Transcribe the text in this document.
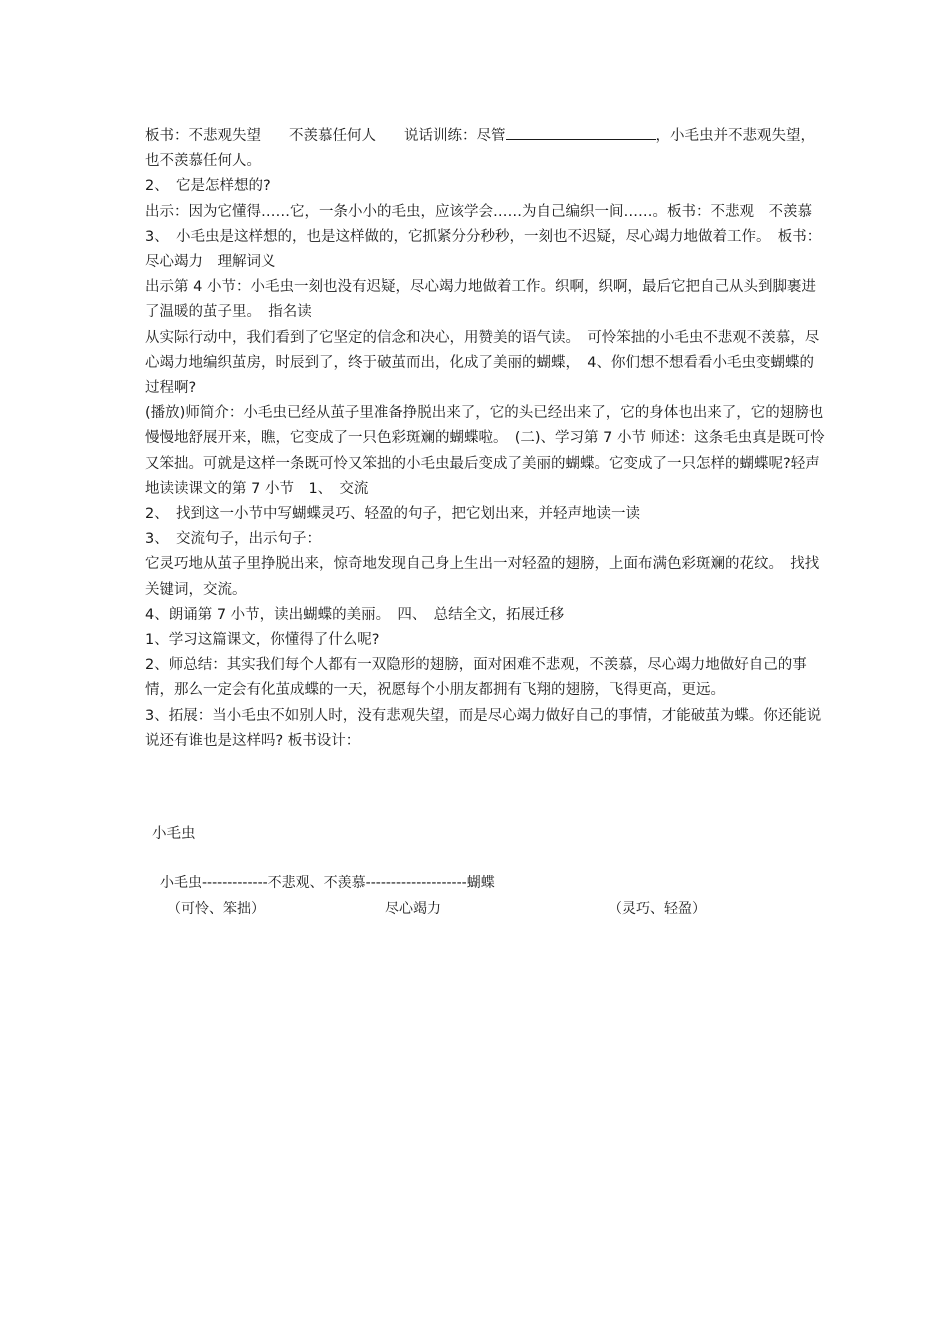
板书：不悲观失望 不羡慕任何人 说话训练：尽管	，小毛虫并不悲观失望，也不羡慕任何人。

2、　它是怎样想的?

出示：因为它懂得……它，一条小小的毛虫，应该学会……为自己编织一间……。板书：不悲观　不羡慕

3、　小毛虫是这样想的，也是这样做的，它抓紧分分秒秒，一刻也不迟疑，尽心竭力地做着工作。　板书：尽心竭力　理解词义

出示第 4 小节：小毛虫一刻也没有迟疑，尽心竭力地做着工作。织啊，织啊，最后它把自己从头到脚裹进了温暖的茧子里。　指名读

从实际行动中，我们看到了它坚定的信念和决心，用赞美的语气读。　可怜笨拙的小毛虫不悲观不羡慕，尽心竭力地编织茧房，时辰到了，终于破茧而出，化成了美丽的蝴蝶，　4、你们想不想看看小毛虫变蝴蝶的过程啊?

(播放)师简介：小毛虫已经从茧子里准备挣脱出来了，它的头已经出来了，它的身体也出来了，它的翅膀也慢慢地舒展开来，瞧，它变成了一只色彩斑斓的蝴蝶啦。　(二)、学习第 7 小节 师述：这条毛虫真是既可怜又笨拙。可就是这样一条既可怜又笨拙的小毛虫最后变成了美丽的蝴蝶。它变成了一只怎样的蝴蝶呢?轻声地读读课文的第 7 小节　1、　交流

2、　找到这一小节中写蝴蝶灵巧、轻盈的句子，把它划出来，并轻声地读一读

3、　交流句子，出示句子：

它灵巧地从茧子里挣脱出来，惊奇地发现自己身上生出一对轻盈的翅膀，上面布满色彩斑斓的花纹。　找找关键词，交流。

4、朗诵第 7 小节，读出蝴蝶的美丽。　四、　总结全文，拓展迁移

1、学习这篇课文，你懂得了什么呢?

2、师总结：其实我们每个人都有一双隐形的翅膀，面对困难不悲观，不羡慕，尽心竭力地做好自己的事情，那么一定会有化茧成蝶的一天，祝愿每个小朋友都拥有飞翔的翅膀，飞得更高，更远。

3、拓展：当小毛虫不如别人时，没有悲观失望，而是尽心竭力做好自己的事情，才能破茧为蝶。你还能说说还有谁也是这样吗? 板书设计：

小毛虫
小毛虫-------------不悲观、不羡慕--------------------蝴蝶
（可怜、笨拙）	尽心竭力	（灵巧、轻盈）
